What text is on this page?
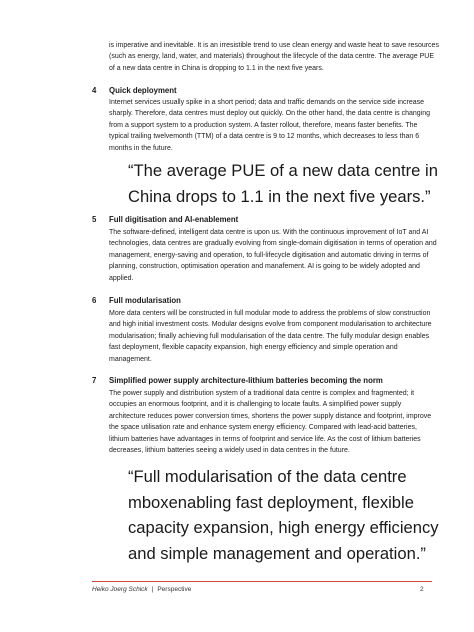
is imperative and inevitable. It is an irresistible trend to use clean energy and waste heat to save resources (such as energy, land, water, and materials) throughout the lifecycle of the data centre. The average PUE of a new data centre in China is dropping to 1.1 in the next five years.

4 Quick deployment

Internet services usually spike in a short period; data and traffic demands on the service side increase sharply. Therefore, data centres must deploy out quickly. On the other hand, the data centre is changing from a support system to a production system. A faster rollout, therefore, means faster benefits. The typical trailing twelvemonth (TTM) of a data centre is 9 to 12 months, which decreases to less than 6 months in the future.

“The average PUE of a new data centre in China drops to 1.1 in the next five years.”

5 Full digitisation and AI-enablement

The software-defined, intelligent data centre is upon us. With the continuous improvement of IoT and AI technologies, data centres are gradually evolving from single-domain digitisation in terms of operation and management, energy-saving and operation, to full-lifecycle digitisation and automatic driving in terms of planning, construction, optimisation operation and manafement. AI is going to be widely adopted and applied.

6 Full modularisation

More data centers will be constructed in full modular mode to address the problems of slow construction and high initial investment costs. Modular designs evolve from component modularisation to architecture modularisation; finally achieving full modularisation of the data centre. The fully modular design enables fast deployment, flexible capacity expansion, high energy efficiency and simple operation and management.

7 Simplified power supply architecture-lithium batteries becoming the norm

The power supply and distribution system of a traditional data centre is complex and fragmented; it occupies an enormous footprint, and it is challenging to locate faults. A simplified power supply architecture reduces power conversion times, shortens the power supply distance and footprint, improve the space utilisation rate and enhance system energy efficiency. Compared with lead-acid batteries, lithium batteries have advantages in terms of footprint and service life. As the cost of lithium batteries decreases, lithium batteries seeing a widely used in data centres in the future.

“Full modularisation of the data centre mboxenabling fast deployment, flexible capacity expansion, high energy efficiency and simple management and operation.”

Heiko Joerg Schick | Perspective	2
